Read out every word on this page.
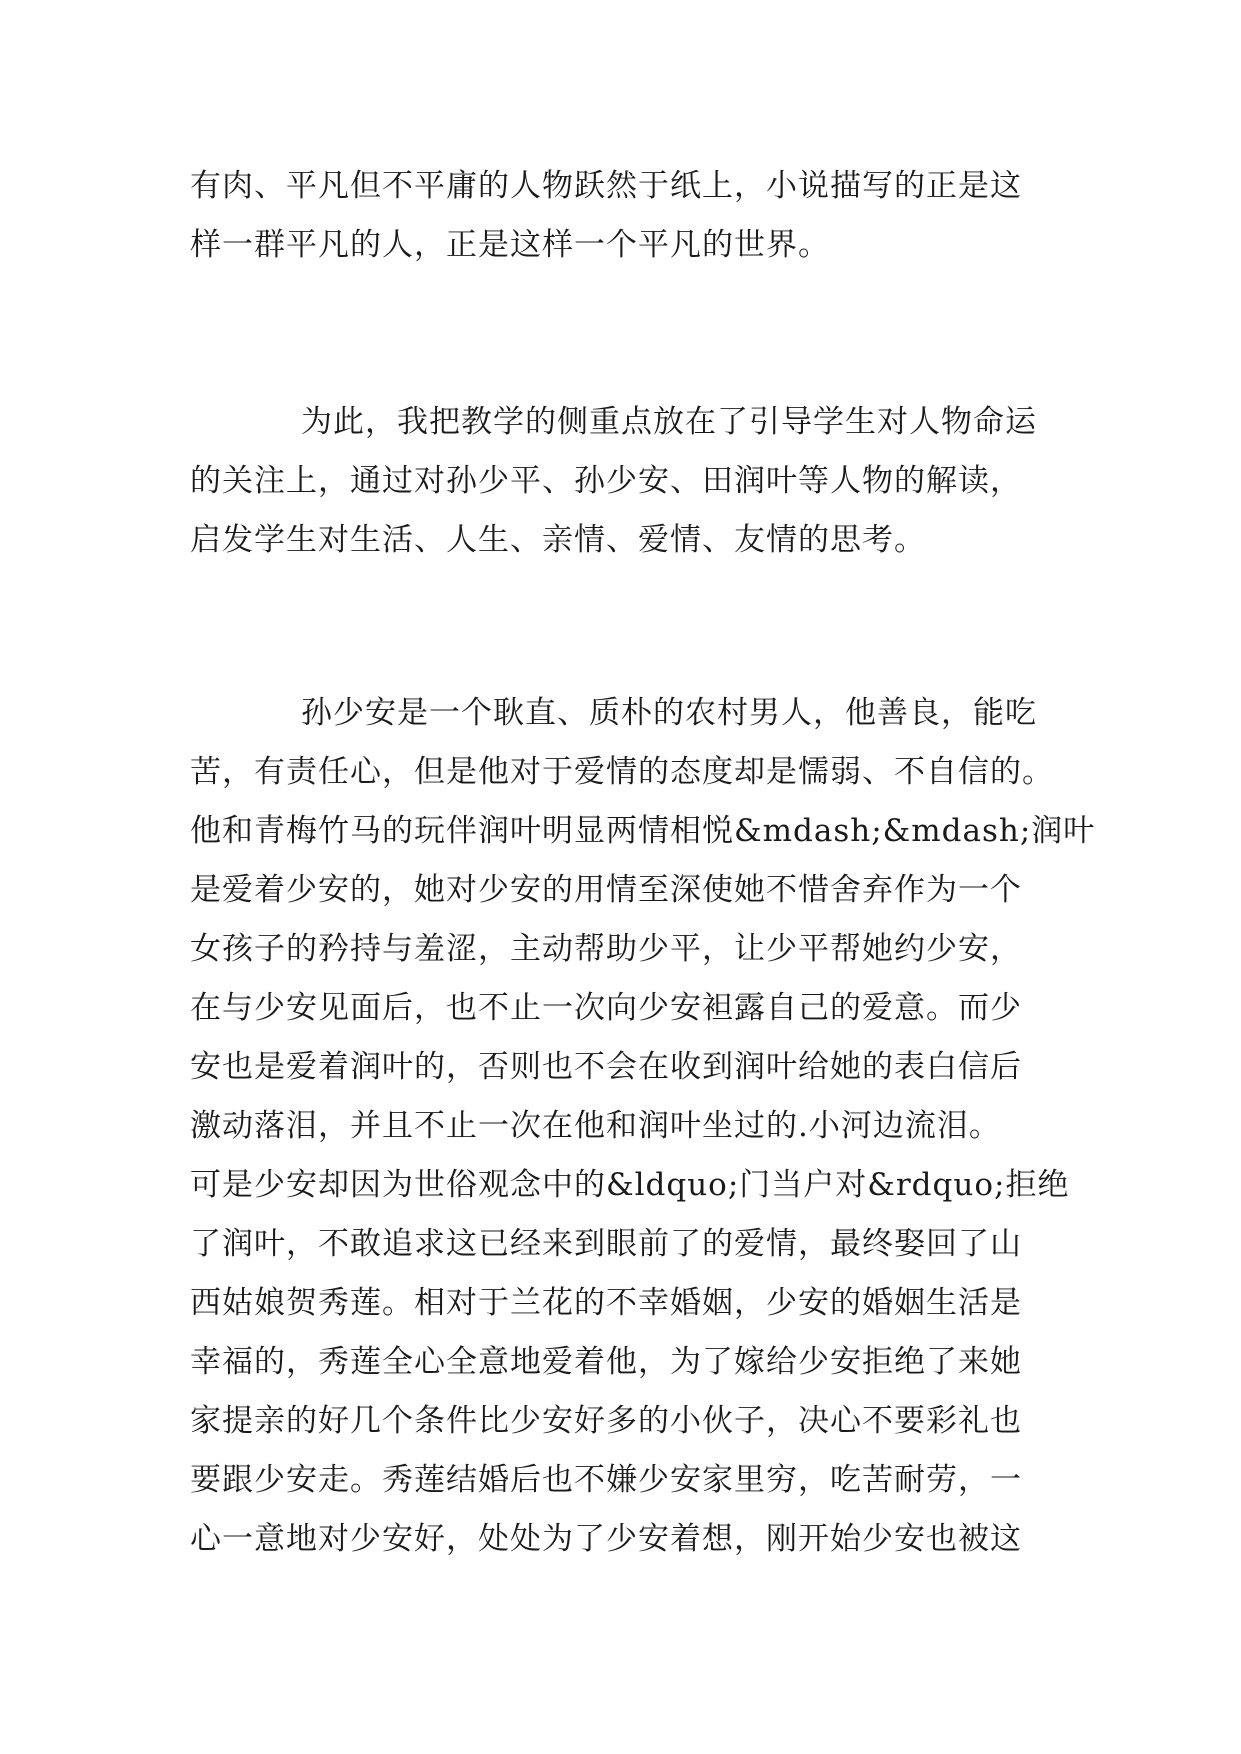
有肉、平凡但不平庸的人物跃然于纸上，小说描写的正是这
样一群平凡的人，正是这样一个平凡的世界。
为此，我把教学的侧重点放在了引导学生对人物命运
的关注上，通过对孙少平、孙少安、田润叶等人物的解读，
启发学生对生活、人生、亲情、爱情、友情的思考。
孙少安是一个耿直、质朴的农村男人，他善良，能吃
苦，有责任心，但是他对于爱情的态度却是懦弱、不自信的。
他和青梅竹马的玩伴润叶明显两情相悦&mdash;&mdash;润叶
是爱着少安的，她对少安的用情至深使她不惜舍弃作为一个
女孩子的矜持与羞涩，主动帮助少平，让少平帮她约少安，
在与少安见面后，也不止一次向少安袒露自己的爱意。而少
安也是爱着润叶的，否则也不会在收到润叶给她的表白信后
激动落泪，并且不止一次在他和润叶坐过的.小河边流泪。
可是少安却因为世俗观念中的&ldquo;门当户对&rdquo;拒绝
了润叶，不敢追求这已经来到眼前了的爱情，最终娶回了山
西姑娘贺秀莲。相对于兰花的不幸婚姻，少安的婚姻生活是
幸福的，秀莲全心全意地爱着他，为了嫁给少安拒绝了来她
家提亲的好几个条件比少安好多的小伙子，决心不要彩礼也
要跟少安走。秀莲结婚后也不嫌少安家里穷，吃苦耐劳，一
心一意地对少安好，处处为了少安着想，刚开始少安也被这
